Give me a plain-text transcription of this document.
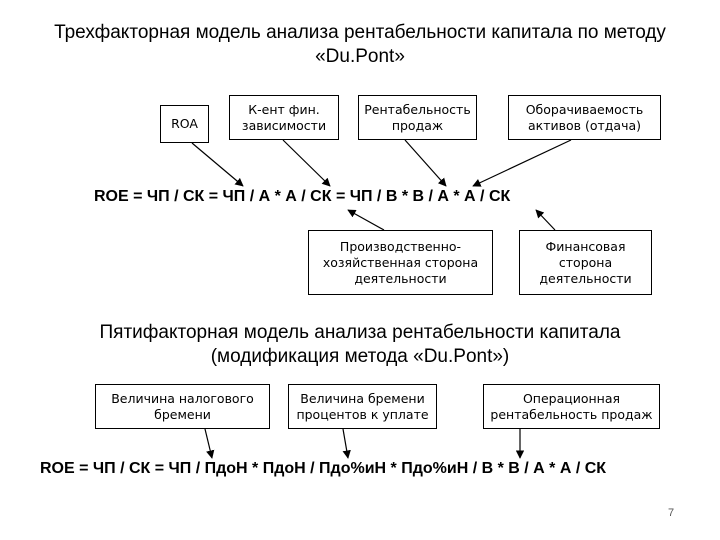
Трехфакторная модель анализа рентабельности капитала по методу «Du.Pont»
ROA
К-ент фин.
зависимости
Рентабельность
продаж
Оборачиваемость
активов (отдача)
ROE = ЧП / СК = ЧП / А * А / СК = ЧП / В * В / А * А / СК
Производственно-
хозяйственная сторона
деятельности
Финансовая
сторона
деятельности
Пятифакторная модель анализа рентабельности капитала (модификация метода «Du.Pont»)
Величина налогового
бремени
Величина бремени
процентов к уплате
Операционная
рентабельность продаж
ROE = ЧП / СК = ЧП / ПдоН * ПдоН / Пдо%иН * Пдо%иН / В * В / А * А / СК
7
